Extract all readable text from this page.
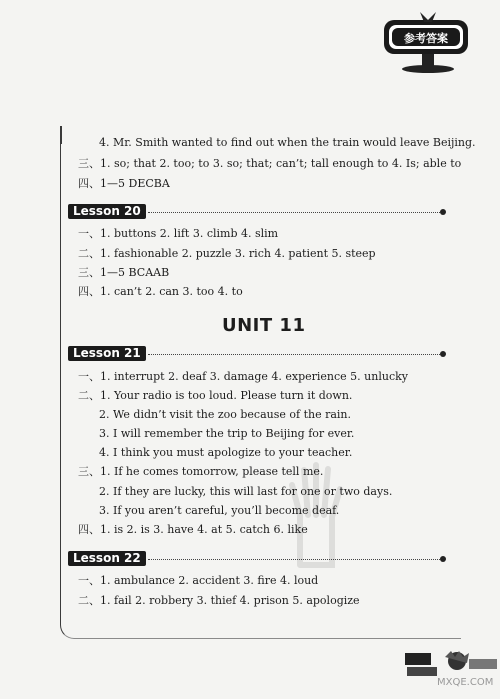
参考答案
4. Mr. Smith wanted to find out when the train would leave Beijing.
三、1. so; that 2. too; to 3. so; that; can’t; tall enough to 4. Is; able to
四、1—5 DECBA
Lesson 20
一、1. buttons 2. lift 3. climb 4. slim
二、1. fashionable 2. puzzle 3. rich 4. patient 5. steep
三、1—5 BCAAB
四、1. can’t 2. can 3. too 4. to
UNIT 11
Lesson 21
一、1. interrupt 2. deaf 3. damage 4. experience 5. unlucky
二、1. Your radio is too loud. Please turn it down.
2. We didn’t visit the zoo because of the rain.
3. I will remember the trip to Beijing for ever.
4. I think you must apologize to your teacher.
三、1. If he comes tomorrow, please tell me.
2. If they are lucky, this will last for one or two days.
3. If you aren’t careful, you’ll become deaf.
四、1. is 2. is 3. have 4. at 5. catch 6. like
Lesson 22
一、1. ambulance 2. accident 3. fire 4. loud
二、1. fail 2. robbery 3. thief 4. prison 5. apologize
MXQE.COM
